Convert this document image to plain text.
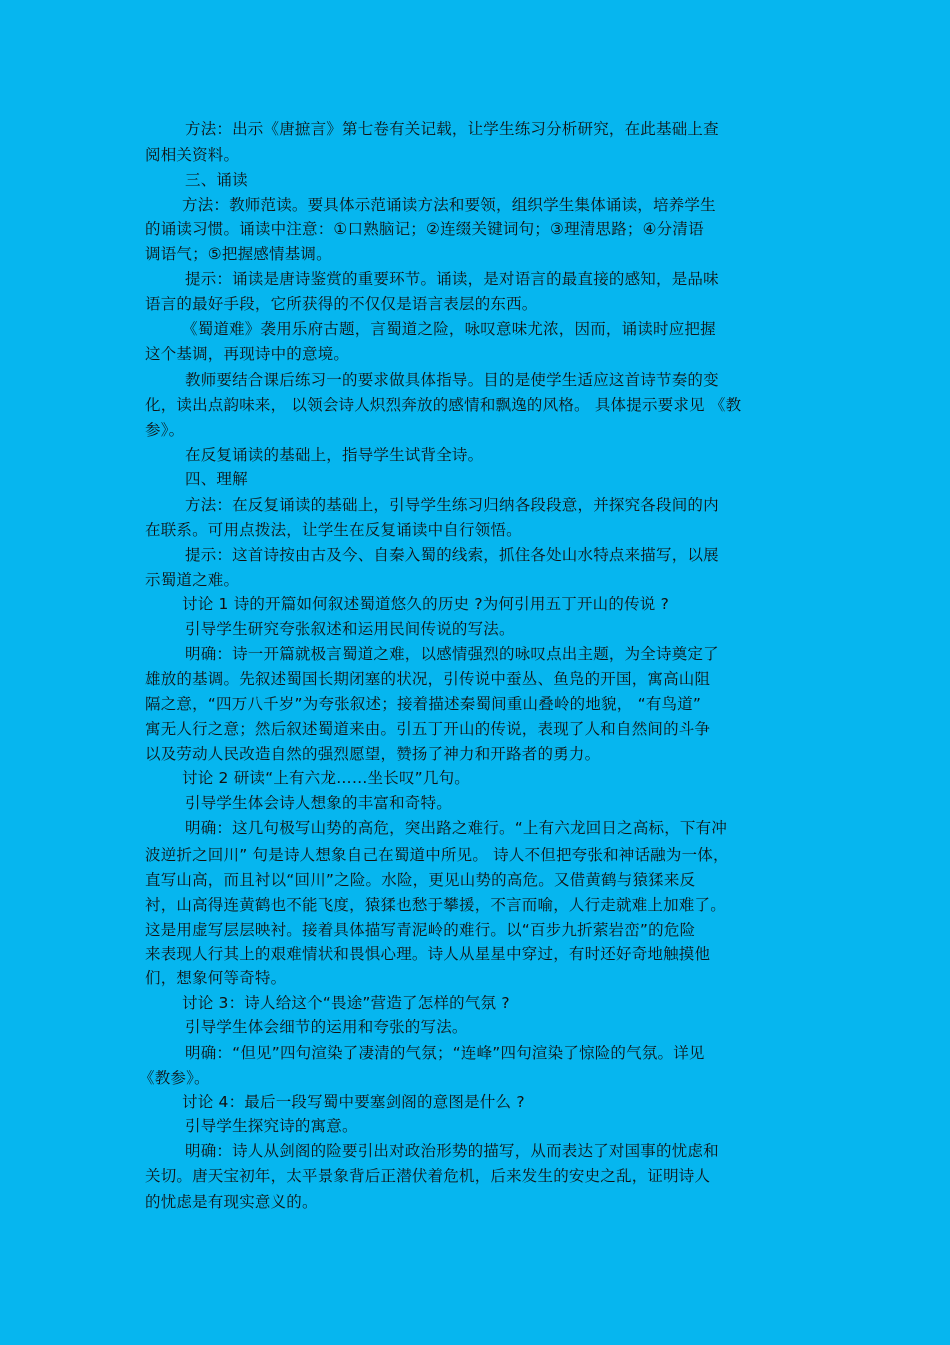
方法：出示《唐摭言》第七卷有关记载，让学生练习分析研究，在此基础上查
阅相关资料。
三、诵读
方法：教师范读。要具体示范诵读方法和要领，组织学生集体诵读，培养学生
的诵读习惯。诵读中注意：①口熟脑记；②连缀关键词句；③理清思路；④分清语
调语气；⑤把握感情基调。
提示：诵读是唐诗鉴赏的重要环节。诵读，是对语言的最直接的感知，是品味
语言的最好手段，它所获得的不仅仅是语言表层的东西。
《蜀道难》袭用乐府古题，言蜀道之险，咏叹意味尤浓，因而，诵读时应把握
这个基调，再现诗中的意境。
教师要结合课后练习一的要求做具体指导。目的是使学生适应这首诗节奏的变
化，读出点韵味来， 以领会诗人炽烈奔放的感情和飘逸的风格。 具体提示要求见 《教
参》。
在反复诵读的基础上，指导学生试背全诗。
四、理解
方法：在反复诵读的基础上，引导学生练习归纳各段段意，并探究各段间的内
在联系。可用点拨法，让学生在反复诵读中自行领悟。
提示：这首诗按由古及今、自秦入蜀的线索，抓住各处山水特点来描写，以展
示蜀道之难。
讨论 1 诗的开篇如何叙述蜀道悠久的历史 ?为何引用五丁开山的传说 ?
引导学生研究夸张叙述和运用民间传说的写法。
明确：诗一开篇就极言蜀道之难，以感情强烈的咏叹点出主题，为全诗奠定了
雄放的基调。先叙述蜀国长期闭塞的状况，引传说中蚕丛、鱼凫的开国，寓高山阻
隔之意，“四万八千岁”为夸张叙述；接着描述秦蜀间重山叠岭的地貌， “有鸟道”
寓无人行之意；然后叙述蜀道来由。引五丁开山的传说，表现了人和自然间的斗争
以及劳动人民改造自然的强烈愿望，赞扬了神力和开路者的勇力。
讨论 2 研读“上有六龙……坐长叹”几句。
引导学生体会诗人想象的丰富和奇特。
明确：这几句极写山势的高危，突出路之难行。“上有六龙回日之高标，下有冲
波逆折之回川” 句是诗人想象自己在蜀道中所见。 诗人不但把夸张和神话融为一体，
直写山高，而且衬以“回川”之险。水险，更见山势的高危。又借黄鹤与猿猱来反
衬，山高得连黄鹤也不能飞度，猿猱也愁于攀援，不言而喻，人行走就难上加难了。
这是用虚写层层映衬。接着具体描写青泥岭的难行。以“百步九折萦岩峦”的危险
来表现人行其上的艰难情状和畏惧心理。诗人从星星中穿过，有时还好奇地触摸他
们，想象何等奇特。
讨论 3：诗人给这个“畏途”营造了怎样的气氛 ?
引导学生体会细节的运用和夸张的写法。
明确：“但见”四句渲染了凄清的气氛；“连峰”四句渲染了惊险的气氛。详见
《教参》。
讨论 4：最后一段写蜀中要塞剑阁的意图是什么 ?
引导学生探究诗的寓意。
明确：诗人从剑阁的险要引出对政治形势的描写，从而表达了对国事的忧虑和
关切。唐天宝初年，太平景象背后正潜伏着危机，后来发生的安史之乱，证明诗人
的忧虑是有现实意义的。
